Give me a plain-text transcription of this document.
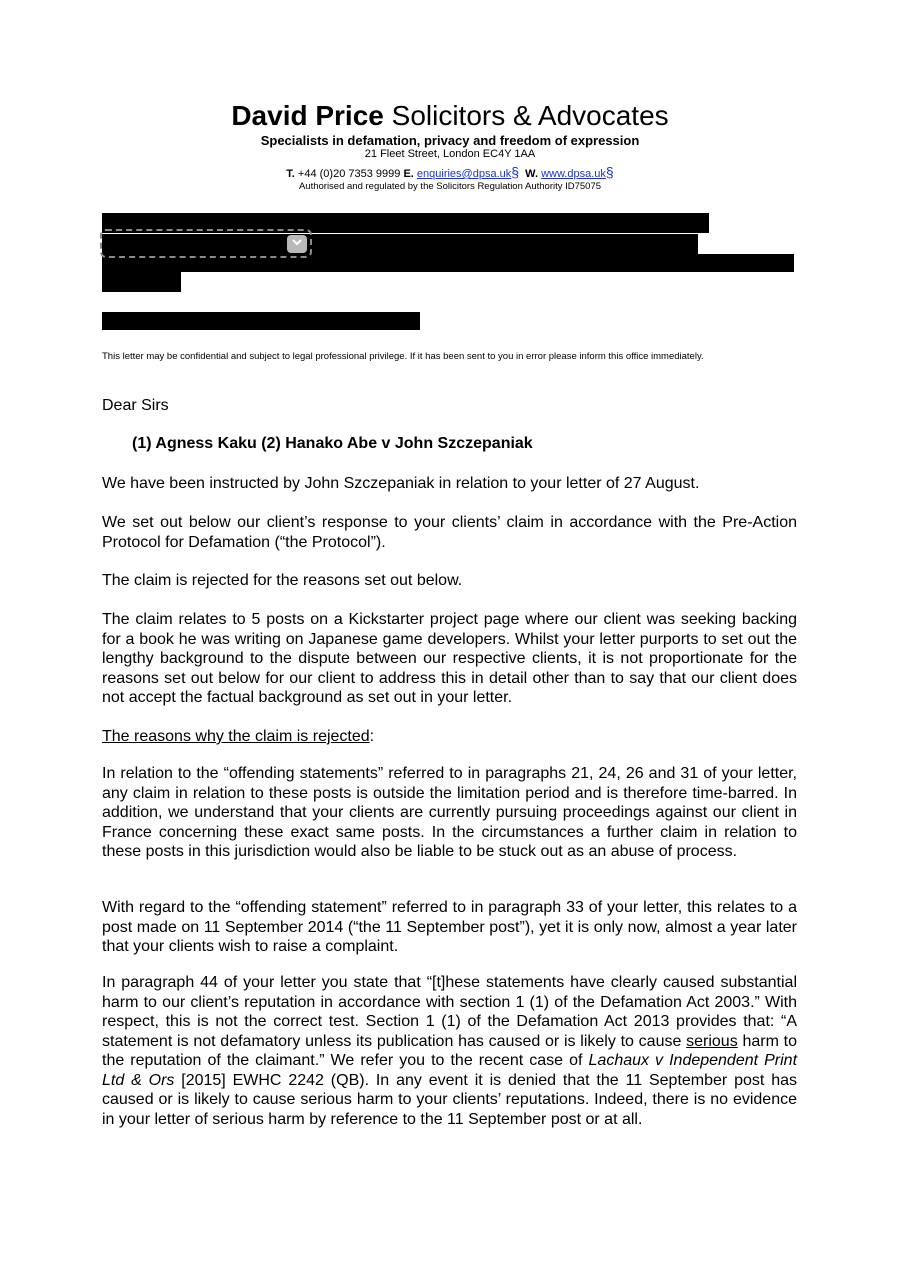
David Price Solicitors & Advocates
Specialists in defamation, privacy and freedom of expression
21 Fleet Street, London EC4Y 1AA
T. +44 (0)20 7353 9999 E. enquiries@dpsa.uk§ W. www.dpsa.uk§
Authorised and regulated by the Solicitors Regulation Authority ID75075
This letter may be confidential and subject to legal professional privilege. If it has been sent to you in error please inform this office immediately.
Dear Sirs
(1) Agness Kaku (2) Hanako Abe v John Szczepaniak
We have been instructed by John Szczepaniak in relation to your letter of 27 August.
We set out below our client’s response to your clients’ claim in accordance with the Pre-Action Protocol for Defamation (“the Protocol”).
The claim is rejected for the reasons set out below.
The claim relates to 5 posts on a Kickstarter project page where our client was seeking backing for a book he was writing on Japanese game developers. Whilst your letter purports to set out the lengthy background to the dispute between our respective clients, it is not proportionate for the reasons set out below for our client to address this in detail other than to say that our client does not accept the factual background as set out in your letter.
The reasons why the claim is rejected:
In relation to the “offending statements” referred to in paragraphs 21, 24, 26 and 31 of your letter, any claim in relation to these posts is outside the limitation period and is therefore time-barred. In addition, we understand that your clients are currently pursuing proceedings against our client in France concerning these exact same posts. In the circumstances a further claim in relation to these posts in this jurisdiction would also be liable to be stuck out as an abuse of process.
With regard to the “offending statement” referred to in paragraph 33 of your letter, this relates to a post made on 11 September 2014 (“the 11 September post”), yet it is only now, almost a year later that your clients wish to raise a complaint.
In paragraph 44 of your letter you state that “[t]hese statements have clearly caused substantial harm to our client’s reputation in accordance with section 1 (1) of the Defamation Act 2003.” With respect, this is not the correct test. Section 1 (1) of the Defamation Act 2013 provides that: “A statement is not defamatory unless its publication has caused or is likely to cause serious harm to the reputation of the claimant.” We refer you to the recent case of Lachaux v Independent Print Ltd & Ors [2015] EWHC 2242 (QB). In any event it is denied that the 11 September post has caused or is likely to cause serious harm to your clients’ reputations. Indeed, there is no evidence in your letter of serious harm by reference to the 11 September post or at all.
